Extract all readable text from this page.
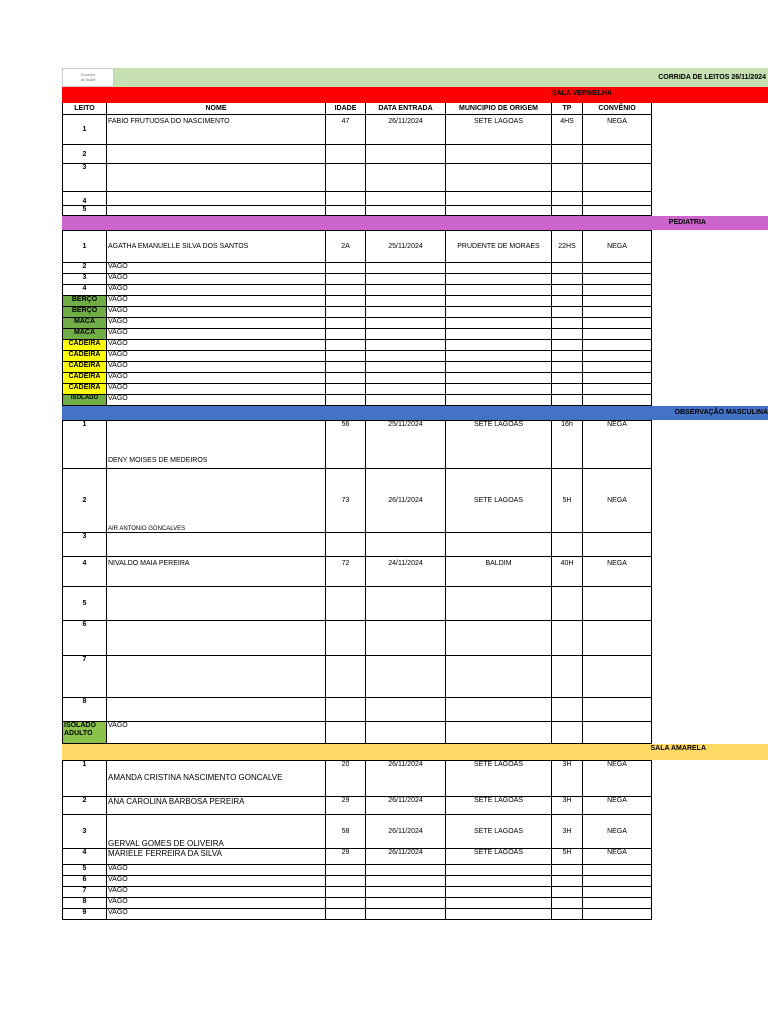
Garantia
da Saúde	CORRIDA DE LEITOS 26/11/2024
SALA VERMELHA
LEITO	NOME	IDADE	DATA ENTRADA	MUNICIPIO DE ORIGEM	TP	CONVÊNIO
1	FABIO FRUTUOSA DO NASCIMENTO	47	26/11/2024	SETE LAGOAS	4HS	NEGA
2						
3						
4						
5						
PEDIATRIA
1	AGATHA EMANUELLE SILVA DOS SANTOS	2A	25/11/2024	PRUDENTE DE MORAES	22HS	NEGA
2	VAGO					
3	VAGO					
4	VAGO					
BERÇO	VAGO					
BERÇO	VAGO					
MACA	VAGO					
MACA	VAGO					
CADEIRA	VAGO					
CADEIRA	VAGO					
CADEIRA	VAGO					
CADEIRA	VAGO					
CADEIRA	VAGO					
ISOLADO	VAGO					
OBSERVAÇÃO MASCULINA
1	DENY MOISES DE MEDEIROS	56	25/11/2024	SETE LAGOAS	16h	NEGA
2	AIR ANTONIO GONCALVES	73	26/11/2024	SETE LAGOAS	5H	NEGA
3						
4	NIVALDO MAIA PEREIRA	72	24/11/2024	BALDIM	40H	NEGA
5						
6						
7						
8						
ISOLADO ADULTO	VAGO					
SALA AMARELA
1	AMANDA CRISTINA NASCIMENTO GONCALVE	20	26/11/2024	SETE LAGOAS	3H	NEGA
2	ANA CAROLINA BARBOSA PEREIRA	29	26/11/2024	SETE LAGOAS	3H	NEGA
3	GERVAL GOMES DE OLIVEIRA	58	26/11/2024	SETE LAGOAS	3H	NEGA
4	MARIELE FERREIRA DA SILVA	29	26/11/2024	SETE LAGOAS	5H	NEGA
5	VAGO					
6	VAGO					
7	VAGO					
8	VAGO					
9	VAGO					
